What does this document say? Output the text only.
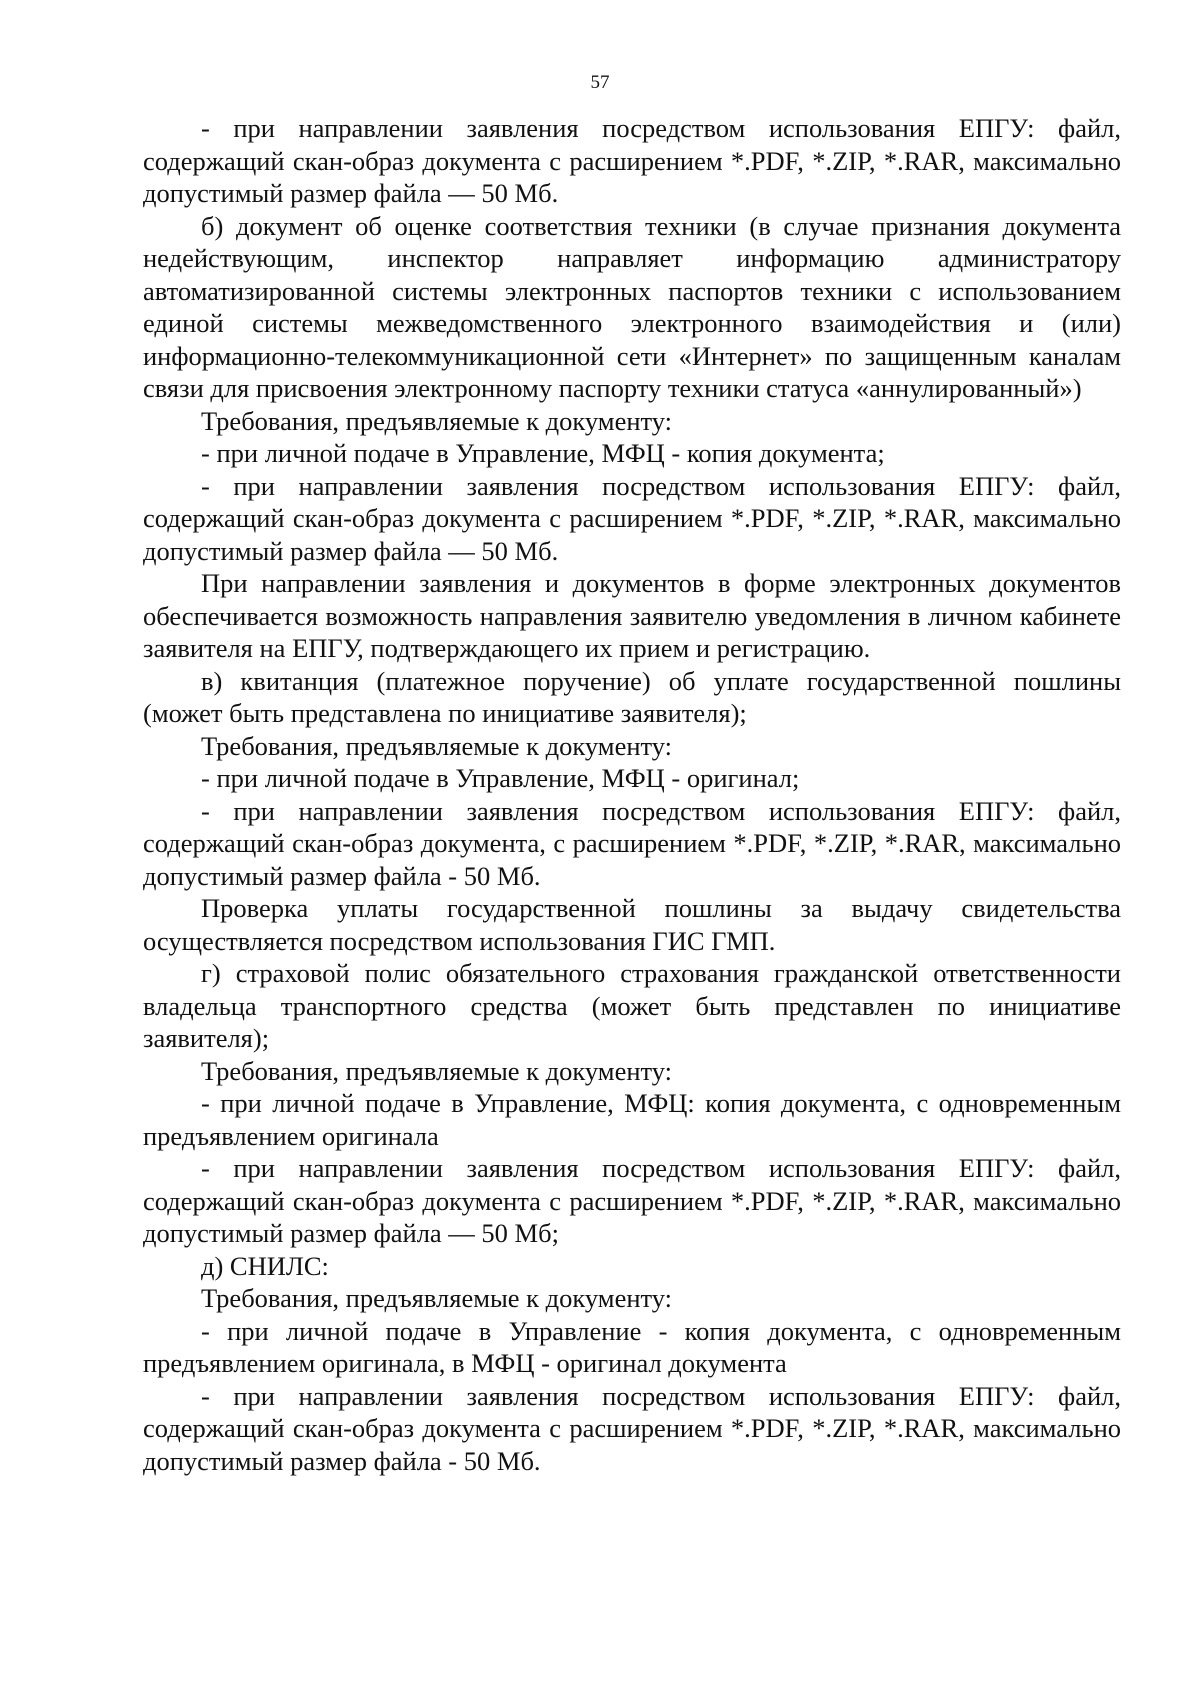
57

- при направлении заявления посредством использования ЕПГУ: файл, содержащий скан-образ документа с расширением *.PDF, *.ZIP, *.RAR, максимально допустимый размер файла — 50 Мб.

б) документ об оценке соответствия техники (в случае признания документа недействующим, инспектор направляет информацию администратору автоматизированной системы электронных паспортов техники с использованием единой системы межведомственного электронного взаимодействия и (или) информационно-телекоммуникационной сети «Интернет» по защищенным каналам связи для присвоения электронному паспорту техники статуса «аннулированный»)

Требования, предъявляемые к документу:

- при личной подаче в Управление, МФЦ - копия документа;

- при направлении заявления посредством использования ЕПГУ: файл, содержащий скан-образ документа с расширением *.PDF, *.ZIP, *.RAR, максимально допустимый размер файла — 50 Мб.

При направлении заявления и документов в форме электронных документов обеспечивается возможность направления заявителю уведомления в личном кабинете заявителя на ЕПГУ, подтверждающего их прием и регистрацию.

в) квитанция (платежное поручение) об уплате государственной пошлины (может быть представлена по инициативе заявителя);

Требования, предъявляемые к документу:

- при личной подаче в Управление, МФЦ - оригинал;

- при направлении заявления посредством использования ЕПГУ: файл, содержащий скан-образ документа, с расширением *.PDF, *.ZIP, *.RAR, максимально допустимый размер файла - 50 Мб.

Проверка уплаты государственной пошлины за выдачу свидетельства осуществляется посредством использования ГИС ГМП.

г) страховой полис обязательного страхования гражданской ответственности владельца транспортного средства (может быть представлен по инициативе заявителя);

Требования, предъявляемые к документу:

- при личной подаче в Управление, МФЦ: копия документа, с одновременным предъявлением оригинала

- при направлении заявления посредством использования ЕПГУ: файл, содержащий скан-образ документа с расширением *.PDF, *.ZIP, *.RAR, максимально допустимый размер файла — 50 Мб;

д) СНИЛС:

Требования, предъявляемые к документу:

- при личной подаче в Управление - копия документа, с одновременным предъявлением оригинала, в МФЦ - оригинал документа

- при направлении заявления посредством использования ЕПГУ: файл, содержащий скан-образ документа с расширением *.PDF, *.ZIP, *.RAR, максимально допустимый размер файла - 50 Мб.
